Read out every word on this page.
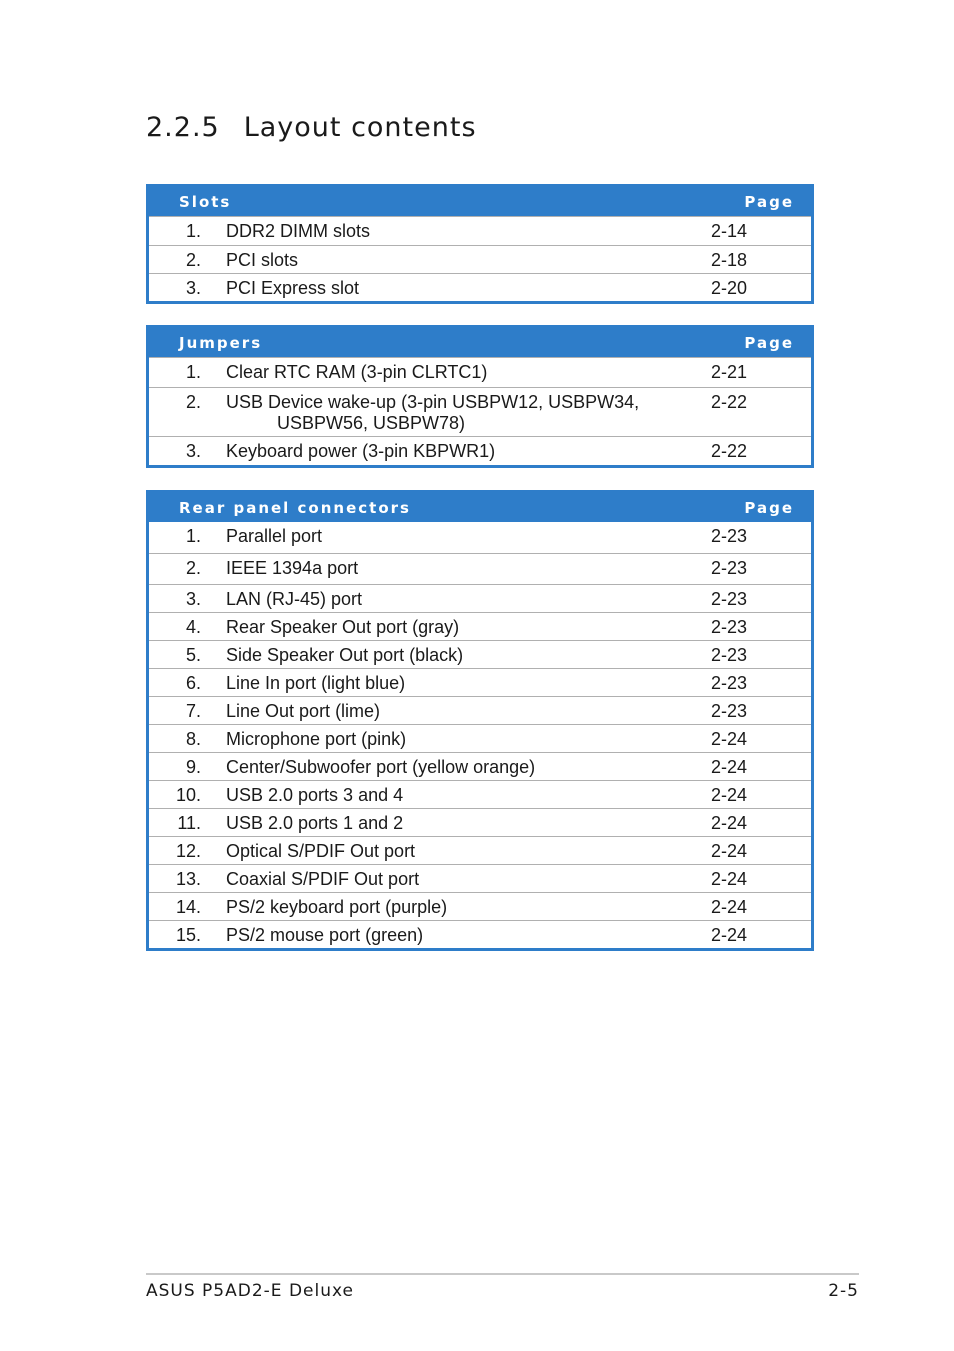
2.2.5 Layout contents
Slots	Page
1.	DDR2 DIMM slots	2-14
2.	PCI slots	2-18
3.	PCI Express slot	2-20
Jumpers	Page
1.	Clear RTC RAM (3-pin CLRTC1)	2-21
2.	USB Device wake-up (3-pin USBPW12, USBPW34,
USBPW56, USBPW78)
2-22
3.	Keyboard power (3-pin KBPWR1)	2-22
Rear panel connectors	Page
1.	Parallel port	2-23
2.	IEEE 1394a port	2-23
3.	LAN (RJ-45) port	2-23
4.	Rear Speaker Out port (gray)	2-23
5.	Side Speaker Out port (black)	2-23
6.	Line In port (light blue)	2-23
7.	Line Out port (lime)	2-23
8.	Microphone port (pink)	2-24
9.	Center/Subwoofer port (yellow orange)	2-24
10.	USB 2.0 ports 3 and 4	2-24
11.	USB 2.0 ports 1 and 2	2-24
12.	Optical S/PDIF Out port	2-24
13.	Coaxial S/PDIF Out port	2-24
14.	PS/2 keyboard port (purple)	2-24
15.	PS/2 mouse port (green)	2-24
ASUS P5AD2-E Deluxe	2-5
